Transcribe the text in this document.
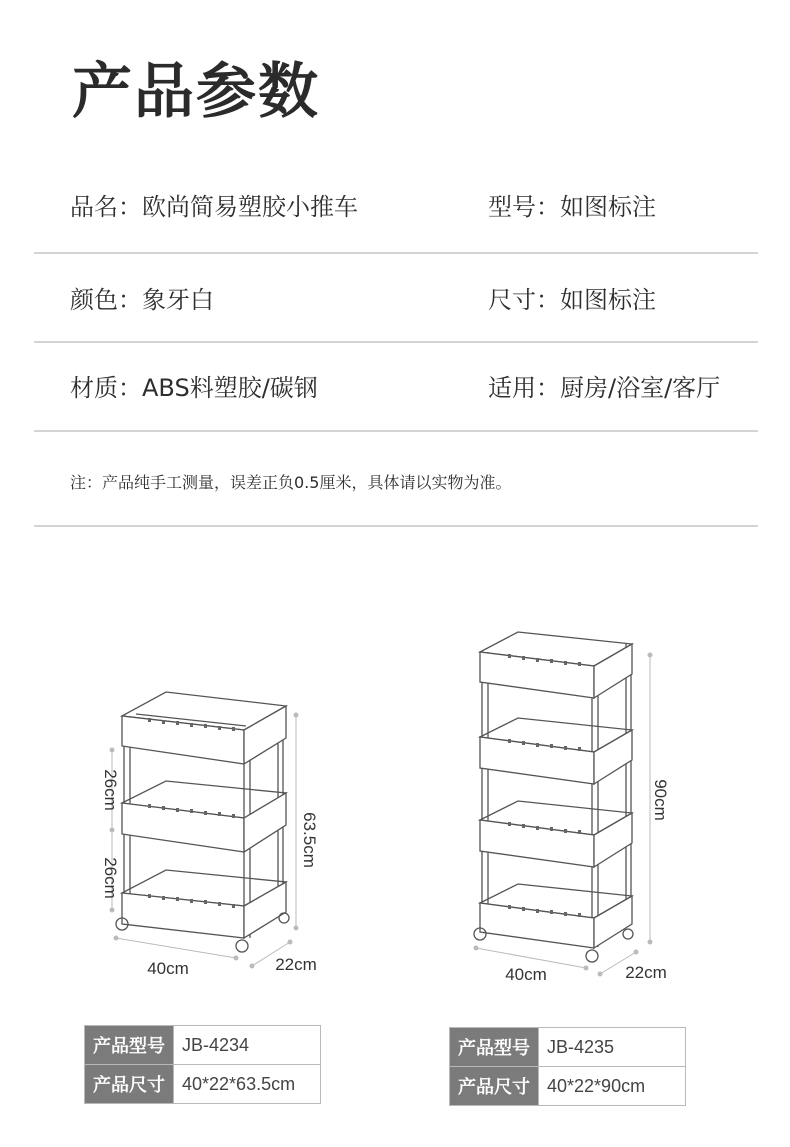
产品参数
品名：欧尚简易塑胶小推车	型号：如图标注
颜色：象牙白	尺寸：如图标注
材质：ABS料塑胶/碳钢	适用：厨房/浴室/客厅
注：产品纯手工测量，误差正负0.5厘米，具体请以实物为准。
26cm
26cm
63.5cm
40cm	22cm
90cm
40cm	22cm
产品型号	JB-4234
产品尺寸	40*22*63.5cm
产品型号	JB-4235
产品尺寸	40*22*90cm
